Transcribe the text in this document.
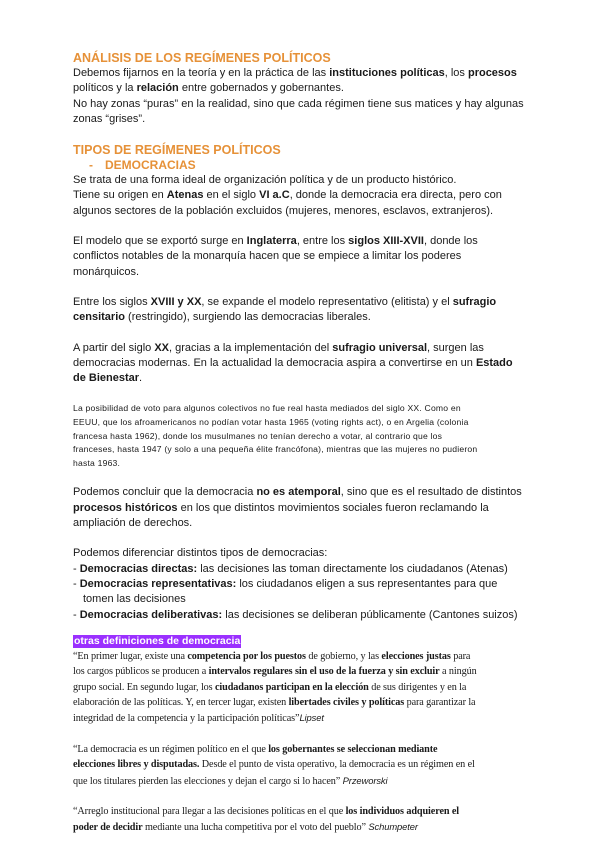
ANÁLISIS DE LOS REGÍMENES POLÍTICOS

Debemos fijarnos en la teoría y en la práctica de las instituciones políticas, los procesos

políticos y la relación entre gobernados y gobernantes.

No hay zonas “puras” en la realidad, sino que cada régimen tiene sus matices y hay algunas

zonas “grises”.

TIPOS DE REGÍMENES POLÍTICOS
- DEMOCRACIAS

Se trata de una forma ideal de organización política y de un producto histórico.

Tiene su origen en Atenas en el siglo VI a.C, donde la democracia era directa, pero con

algunos sectores de la población excluidos (mujeres, menores, esclavos, extranjeros).

El modelo que se exportó surge en Inglaterra, entre los siglos XIII-XVII, donde los

conflictos notables de la monarquía hacen que se empiece a limitar los poderes

monárquicos.

Entre los siglos XVIII y XX, se expande el modelo representativo (elitista) y el sufragio

censitario (restringido), surgiendo las democracias liberales.

A partir del siglo XX, gracias a la implementación del sufragio universal, surgen las

democracias modernas. En la actualidad la democracia aspira a convertirse en un Estado

de Bienestar.

La posibilidad de voto para algunos colectivos no fue real hasta mediados del siglo XX. Como en

EEUU, que los afroamericanos no podían votar hasta 1965 (voting rights act), o en Argelia (colonia

francesa hasta 1962), donde los musulmanes no tenían derecho a votar, al contrario que los

franceses, hasta 1947 (y solo a una pequeña élite francófona), mientras que las mujeres no pudieron

hasta 1963.

Podemos concluir que la democracia no es atemporal, sino que es el resultado de distintos

procesos históricos en los que distintos movimientos sociales fueron reclamando la

ampliación de derechos.

Podemos diferenciar distintos tipos de democracias:

- Democracias directas: las decisiones las toman directamente los ciudadanos (Atenas)

- Democracias representativas: los ciudadanos eligen a sus representantes para que

tomen las decisiones

- Democracias deliberativas: las decisiones se deliberan públicamente (Cantones suizos)

otras definiciones de democracia

“En primer lugar, existe una competencia por los puestos de gobierno, y las elecciones justas para

los cargos públicos se producen a intervalos regulares sin el uso de la fuerza y sin excluir a ningún

grupo social. En segundo lugar, los ciudadanos participan en la elección de sus dirigentes y en la

elaboración de las políticas. Y, en tercer lugar, existen libertades civiles y políticas para garantizar la

integridad de la competencia y la participación políticas”Lipset

“La democracia es un régimen político en el que los gobernantes se seleccionan mediante

elecciones libres y disputadas. Desde el punto de vista operativo, la democracia es un régimen en el

que los titulares pierden las elecciones y dejan el cargo si lo hacen” Przeworski

“Arreglo institucional para llegar a las decisiones políticas en el que los individuos adquieren el

poder de decidir mediante una lucha competitiva por el voto del pueblo” Schumpeter
